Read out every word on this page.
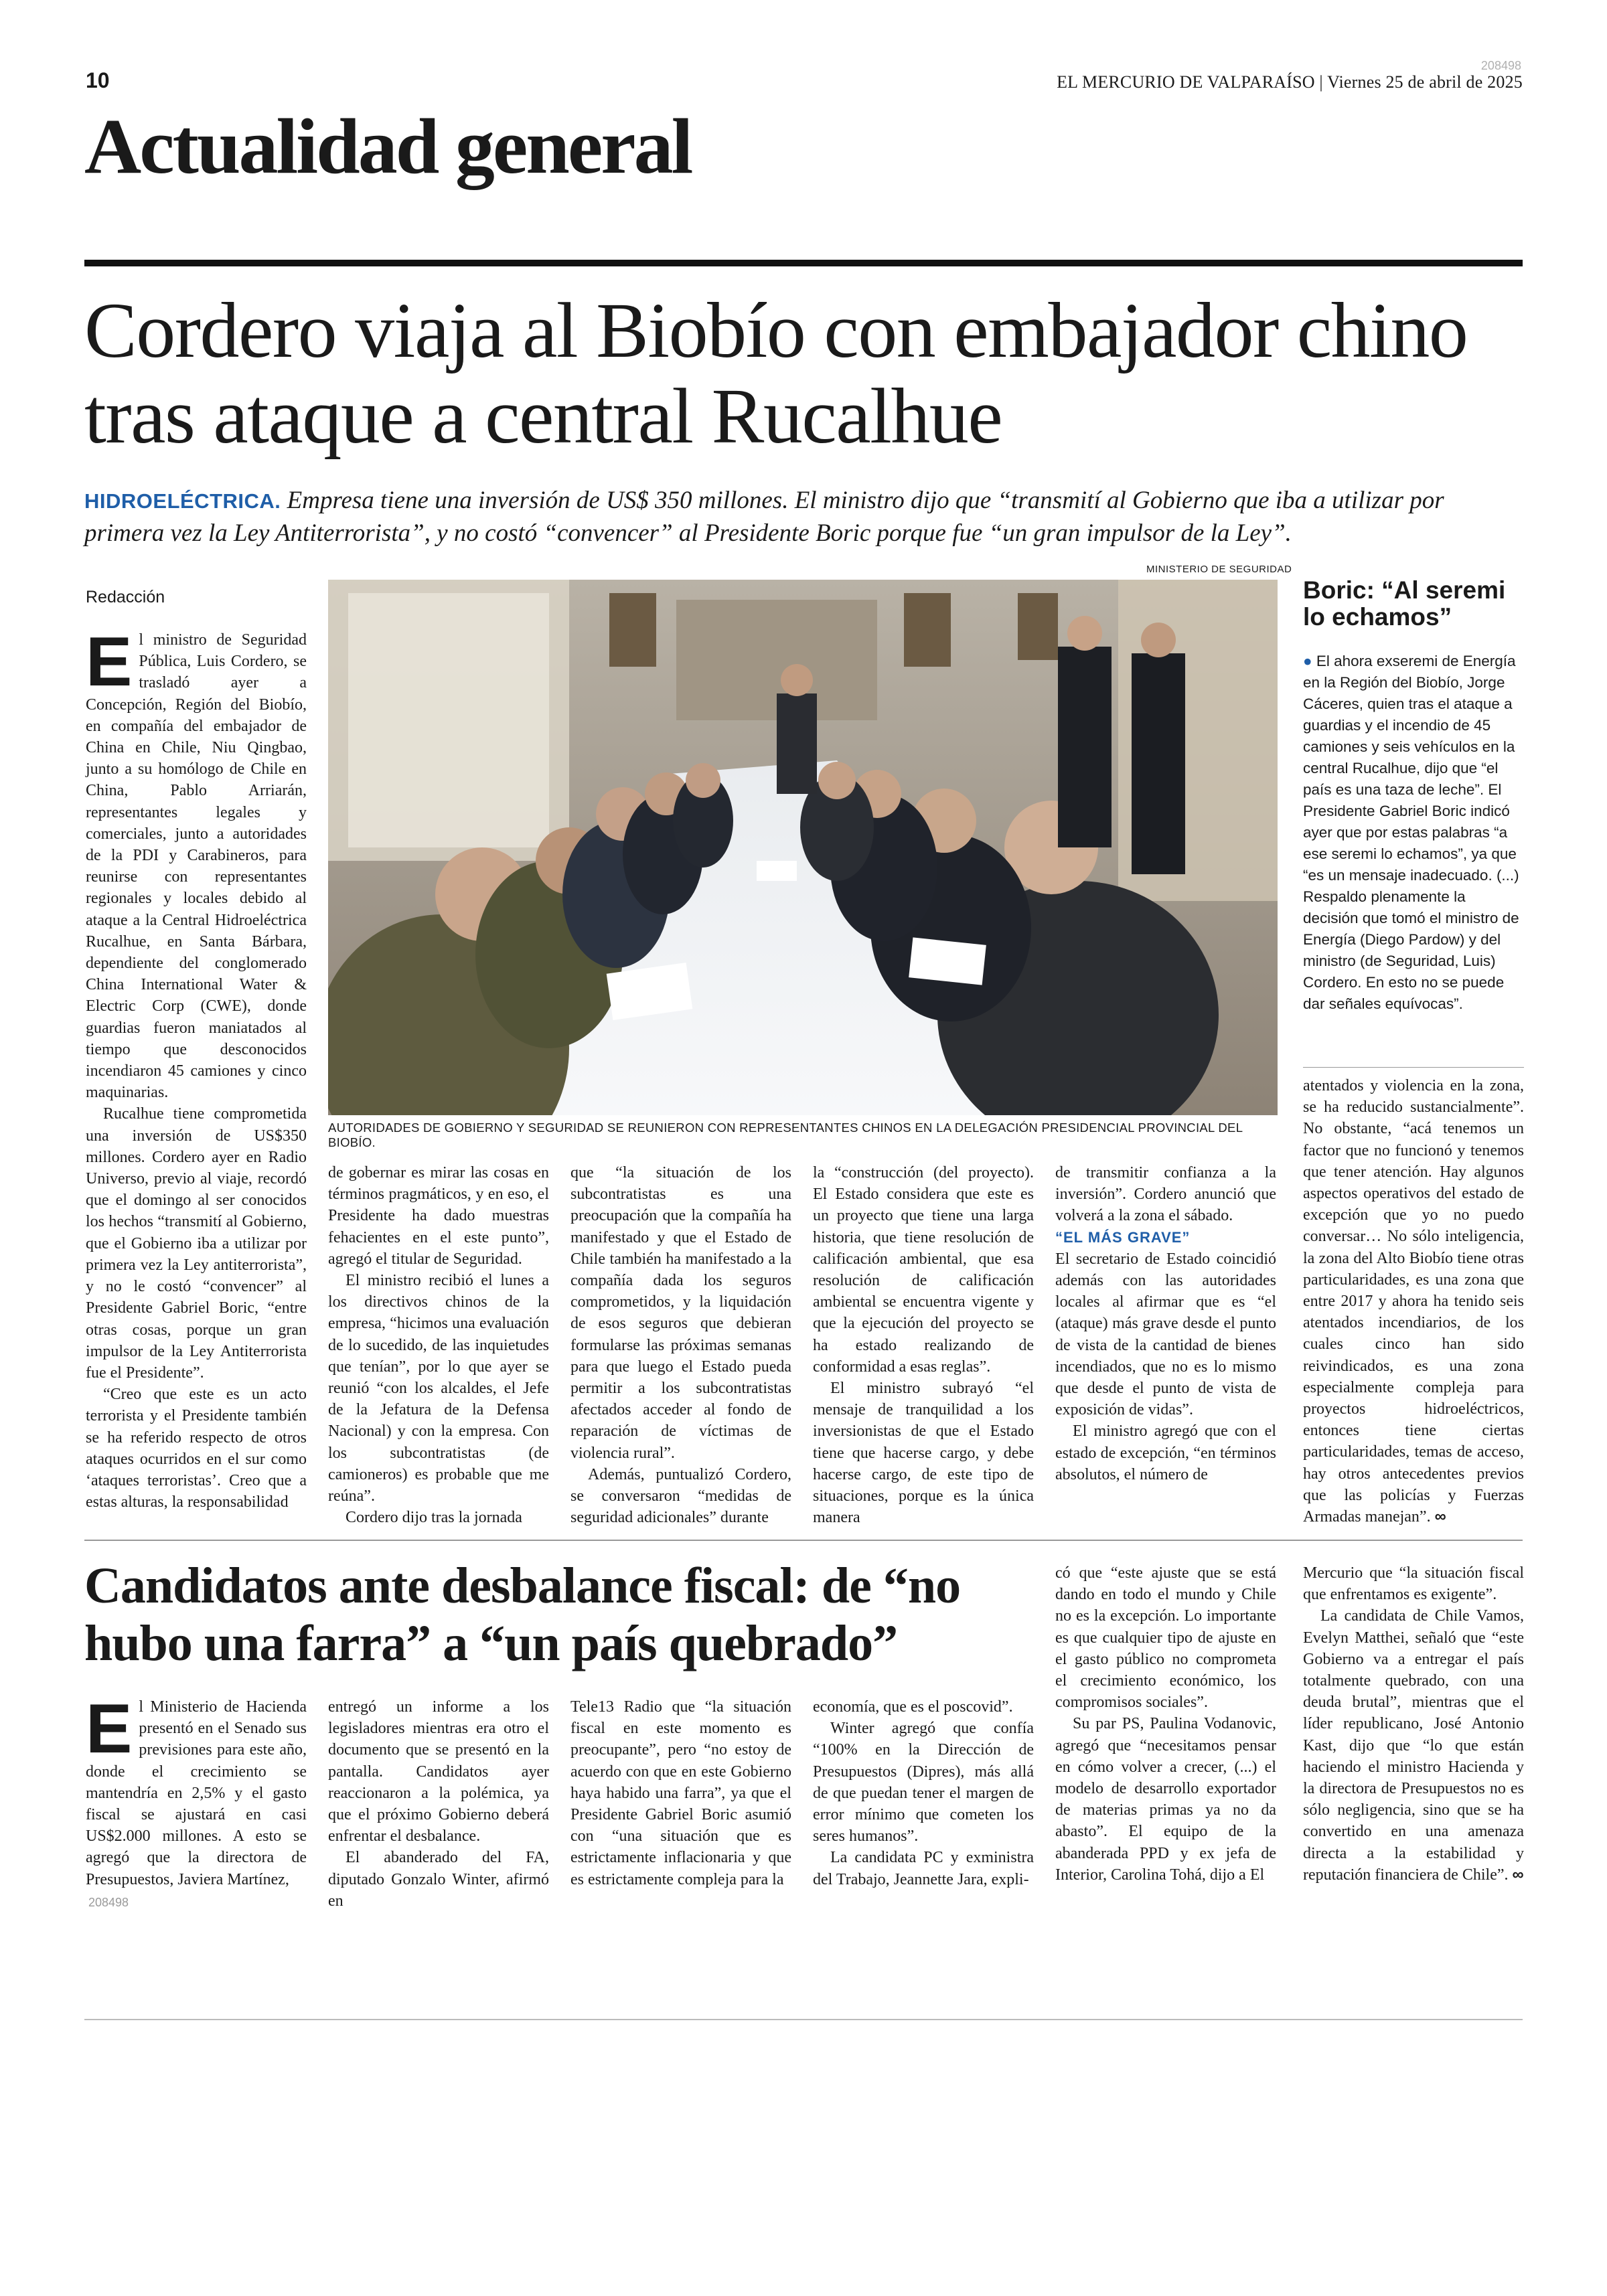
10
208498
EL MERCURIO DE VALPARAÍSO | Viernes 25 de abril de 2025
Actualidad general
Cordero viaja al Biobío con embajador chino tras ataque a central Rucalhue
HIDROELÉCTRICA. Empresa tiene una inversión de US$ 350 millones. El ministro dijo que “transmití al Gobierno que iba a utilizar por primera vez la Ley Antiterrorista”, y no costó “convencer” al Presidente Boric porque fue “un gran impulsor de la Ley”.
Redacción
MINISTERIO DE SEGURIDAD
AUTORIDADES DE GOBIERNO Y SEGURIDAD SE REUNIERON CON REPRESENTANTES CHINOS EN LA DELEGACIÓN PRESIDENCIAL PROVINCIAL DEL BIOBÍO.

El ministro de Seguridad Pública, Luis Cordero, se trasladó ayer a Concepción, Región del Biobío, en compañía del embajador de China en Chile, Niu Qingbao, junto a su homólogo de Chile en China, Pablo Arriarán, representantes legales y comerciales, junto a autoridades de la PDI y Carabineros, para reunirse con representantes regionales y locales debido al ataque a la Central Hidroeléctrica Rucalhue, en Santa Bárbara, dependiente del conglomerado China International Water & Electric Corp (CWE), donde guardias fueron maniatados al tiempo que desconocidos incendiaron 45 camiones y cinco maquinarias.

Rucalhue tiene comprometida una inversión de US$350 millones. Cordero ayer en Radio Universo, previo al viaje, recordó que el domingo al ser conocidos los hechos “transmití al Gobierno, que el Gobierno iba a utilizar por primera vez la Ley antiterrorista”, y no le costó “convencer” al Presidente Gabriel Boric, “entre otras cosas, porque un gran impulsor de la Ley Antiterrorista fue el Presidente”.

“Creo que este es un acto terrorista y el Presidente también se ha referido respecto de otros ataques ocurridos en el sur como ‘ataques terroristas’. Creo que a estas alturas, la responsabilidad

de gobernar es mirar las cosas en términos pragmáticos, y en eso, el Presidente ha dado muestras fehacientes en el este punto”, agregó el titular de Seguridad.

El ministro recibió el lunes a los directivos chinos de la empresa, “hicimos una evaluación de lo sucedido, de las inquietudes que tenían”, por lo que ayer se reunió “con los alcaldes, el Jefe de la Jefatura de la Defensa Nacional) y con la empresa. Con los subcontratistas (de camioneros) es probable que me reúna”.

Cordero dijo tras la jornada

que “la situación de los subcontratistas es una preocupación que la compañía ha manifestado y que el Estado de Chile también ha manifestado a la compañía dada los seguros comprometidos, y la liquidación de esos seguros que debieran formularse las próximas semanas para que luego el Estado pueda permitir a los subcontratistas afectados acceder al fondo de reparación de víctimas de violencia rural”.

Además, puntualizó Cordero, se conversaron “medidas de seguridad adicionales” durante

la “construcción (del proyecto). El Estado considera que este es un proyecto que tiene una larga historia, que tiene resolución de calificación ambiental, que esa resolución de calificación ambiental se encuentra vigente y que la ejecución del proyecto se ha estado realizando de conformidad a esas reglas”.

El ministro subrayó “el mensaje de tranquilidad a los inversionistas de que el Estado tiene que hacerse cargo, y debe hacerse cargo, de este tipo de situaciones, porque es la única manera

de transmitir confianza a la inversión”. Cordero anunció que volverá a la zona el sábado.

“EL MÁS GRAVE”

El secretario de Estado coincidió además con las autoridades locales al afirmar que es “el (ataque) más grave desde el punto de vista de la cantidad de bienes incendiados, que no es lo mismo que desde el punto de vista de exposición de vidas”.

El ministro agregó que con el estado de excepción, “en términos absolutos, el número de

Boric: “Al seremi lo echamos”
● El ahora exseremi de Energía en la Región del Biobío, Jorge Cáceres, quien tras el ataque a guardias y el incendio de 45 camiones y seis vehículos en la central Rucalhue, dijo que “el país es una taza de leche”. El Presidente Gabriel Boric indicó ayer que por estas palabras “a ese seremi lo echamos”, ya que “es un mensaje inadecuado. (...) Respaldo plenamente la decisión que tomó el ministro de Energía (Diego Pardow) y del ministro (de Seguridad, Luis) Cordero. En esto no se puede dar señales equívocas”.

atentados y violencia en la zona, se ha reducido sustancialmente”. No obstante, “acá tenemos un factor que no funcionó y tenemos que tener atención. Hay algunos aspectos operativos del estado de excepción que yo no puedo conversar… No sólo inteligencia, la zona del Alto Biobío tiene otras particularidades, es una zona que entre 2017 y ahora ha tenido seis atentados incendiarios, de los cuales cinco han sido reivindicados, es una zona especialmente compleja para proyectos hidroeléctricos, entonces tiene ciertas particularidades, temas de acceso, hay otros antecedentes previos que las policías y Fuerzas Armadas manejan”. ∞

Candidatos ante desbalance fiscal: de “no hubo una farra” a “un país quebrado”

El Ministerio de Hacienda presentó en el Senado sus previsiones para este año, donde el crecimiento se mantendría en 2,5% y el gasto fiscal se ajustará en casi US$2.000 millones. A esto se agregó que la directora de Presupuestos, Javiera Martínez,

208498

entregó un informe a los legisladores mientras era otro el documento que se presentó en la pantalla. Candidatos ayer reaccionaron a la polémica, ya que el próximo Gobierno deberá enfrentar el desbalance.

El abanderado del FA, diputado Gonzalo Winter, afirmó en

Tele13 Radio que “la situación fiscal en este momento es preocupante”, pero “no estoy de acuerdo con que en este Gobierno haya habido una farra”, ya que el Presidente Gabriel Boric asumió con “una situación que es estrictamente inflacionaria y que es estrictamente compleja para la

economía, que es el poscovid”.

Winter agregó que confía “100% en la Dirección de Presupuestos (Dipres), más allá de que puedan tener el margen de error mínimo que cometen los seres humanos”.

La candidata PC y exministra del Trabajo, Jeannette Jara, expli-

có que “este ajuste que se está dando en todo el mundo y Chile no es la excepción. Lo importante es que cualquier tipo de ajuste en el gasto público no comprometa el crecimiento económico, los compromisos sociales”.

Su par PS, Paulina Vodanovic, agregó que “necesitamos pensar en cómo volver a crecer, (...) el modelo de desarrollo exportador de materias primas ya no da abasto”. El equipo de la abanderada PPD y ex jefa de Interior, Carolina Tohá, dijo a El

Mercurio que “la situación fiscal que enfrentamos es exigente”.

La candidata de Chile Vamos, Evelyn Matthei, señaló que “este Gobierno va a entregar el país totalmente quebrado, con una deuda brutal”, mientras que el líder republicano, José Antonio Kast, dijo que “lo que están haciendo el ministro Hacienda y la directora de Presupuestos no es sólo negligencia, sino que se ha convertido en una amenaza directa a la estabilidad y reputación financiera de Chile”. ∞
